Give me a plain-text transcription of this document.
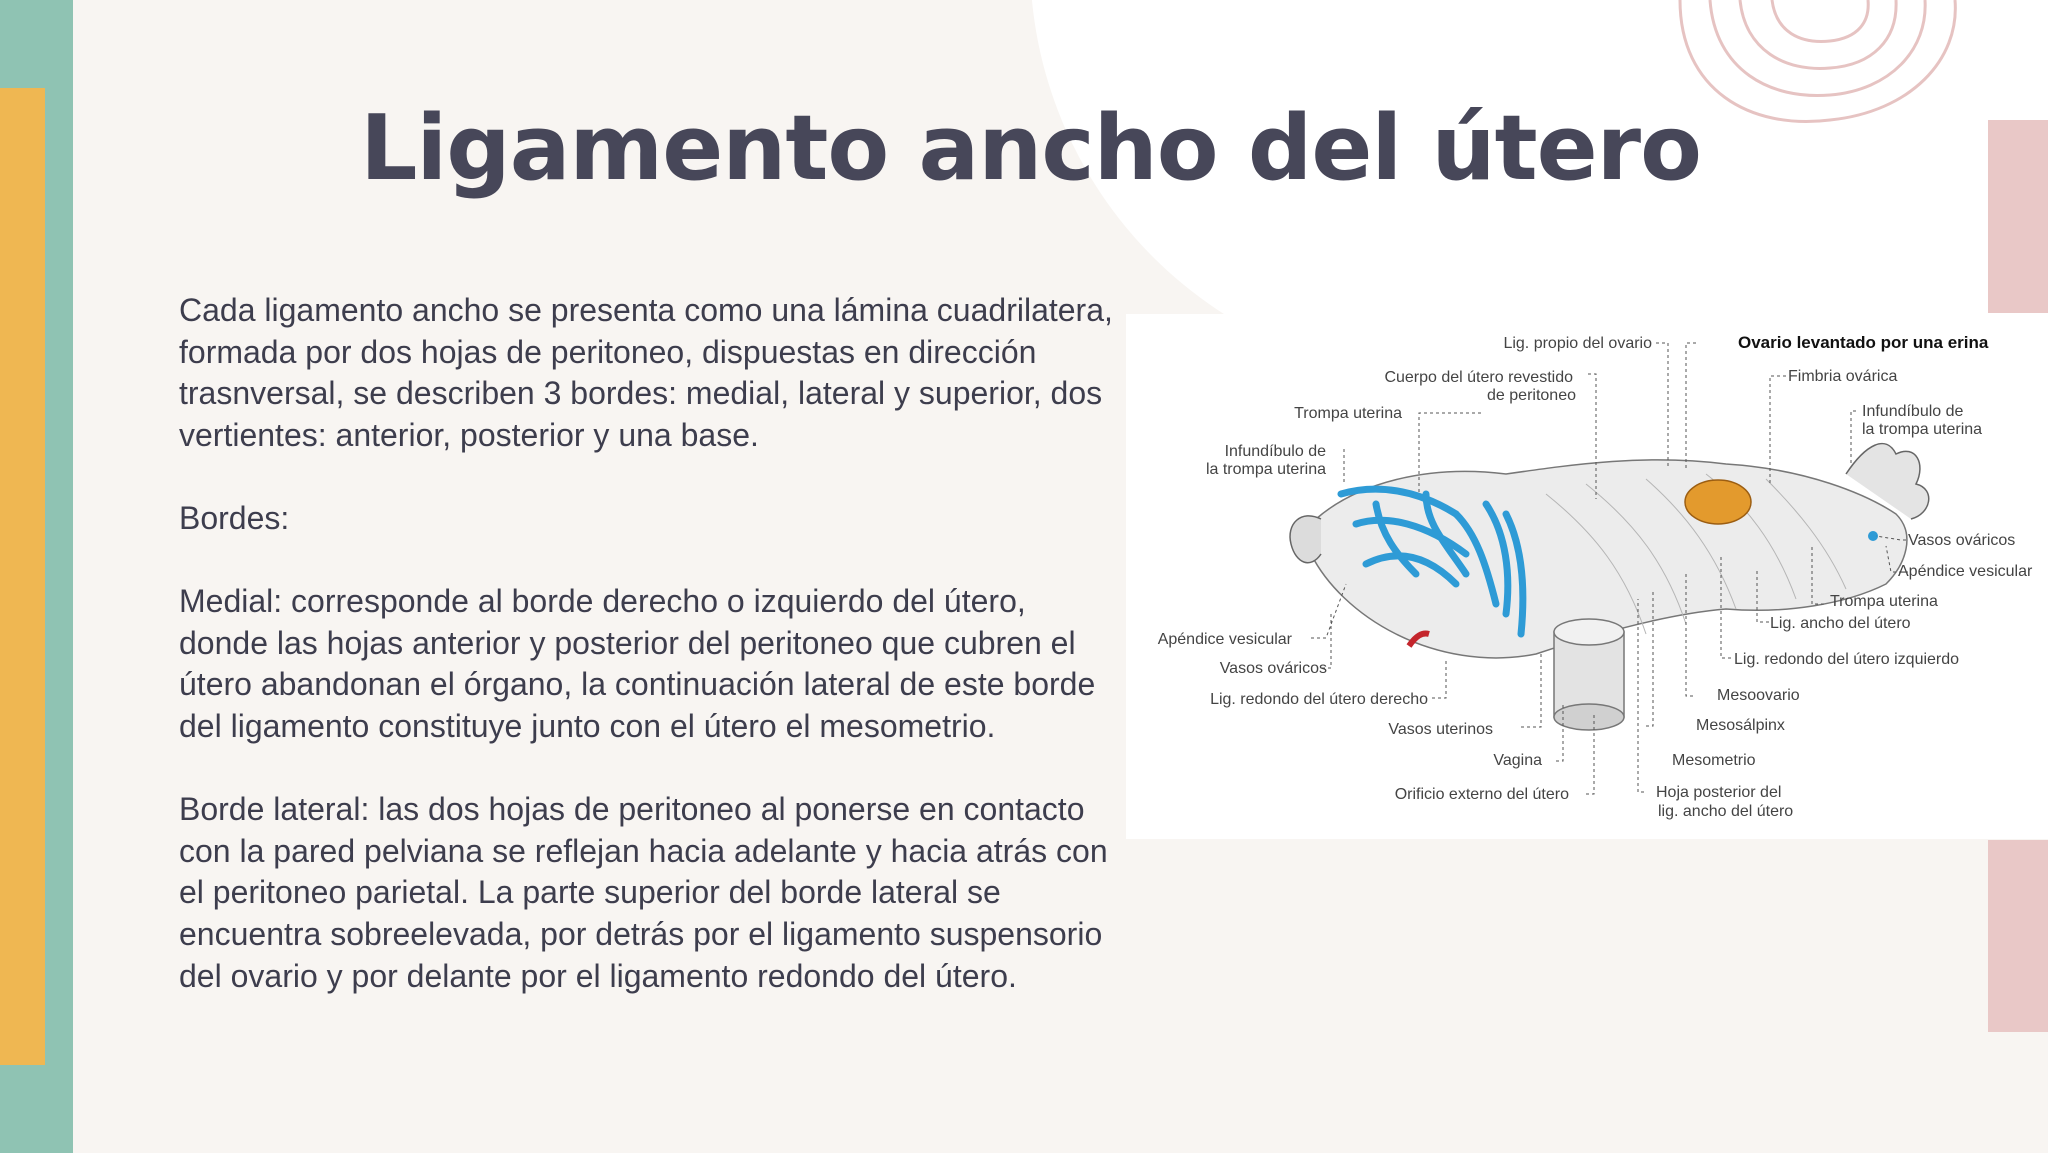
Ligamento ancho del útero

Cada ligamento ancho se presenta como una lámina cuadrilatera, formada por dos hojas de peritoneo, dispuestas en dirección trasnversal, se describen 3 bordes: medial, lateral y superior, dos vertientes: anterior, posterior y una base.

Bordes:

Medial: corresponde al borde derecho o izquierdo del útero, donde las hojas anterior y posterior del peritoneo que cubren el útero abandonan el órgano, la continuación lateral de este borde del ligamento constituye junto con el útero el mesometrio.

Borde lateral: las dos hojas de peritoneo al ponerse en contacto con la pared pelviana se reflejan hacia adelante y hacia atrás con el peritoneo parietal. La parte superior del borde lateral se encuentra sobreelevada, por detrás por el ligamento suspensorio del ovario y por delante por el ligamento redondo del útero.

Lig. propio del ovario	Ovario levantado por una erina
Cuerpo del útero revestido
de peritoneo
Fimbria ovárica
Trompa uterina	Infundíbulo de
la trompa uterina
Infundíbulo de
la trompa uterina
Vasos ováricos
Apéndice vesicular
Trompa uterina
Lig. ancho del útero
Apéndice vesicular
Lig. redondo del útero izquierdo
Vasos ováricos
Mesoovario
Lig. redondo del útero derecho
Mesosálpinx
Vasos uterinos
Vagina	Mesometrio
Orificio externo del útero	Hoja posterior del
lig. ancho del útero
